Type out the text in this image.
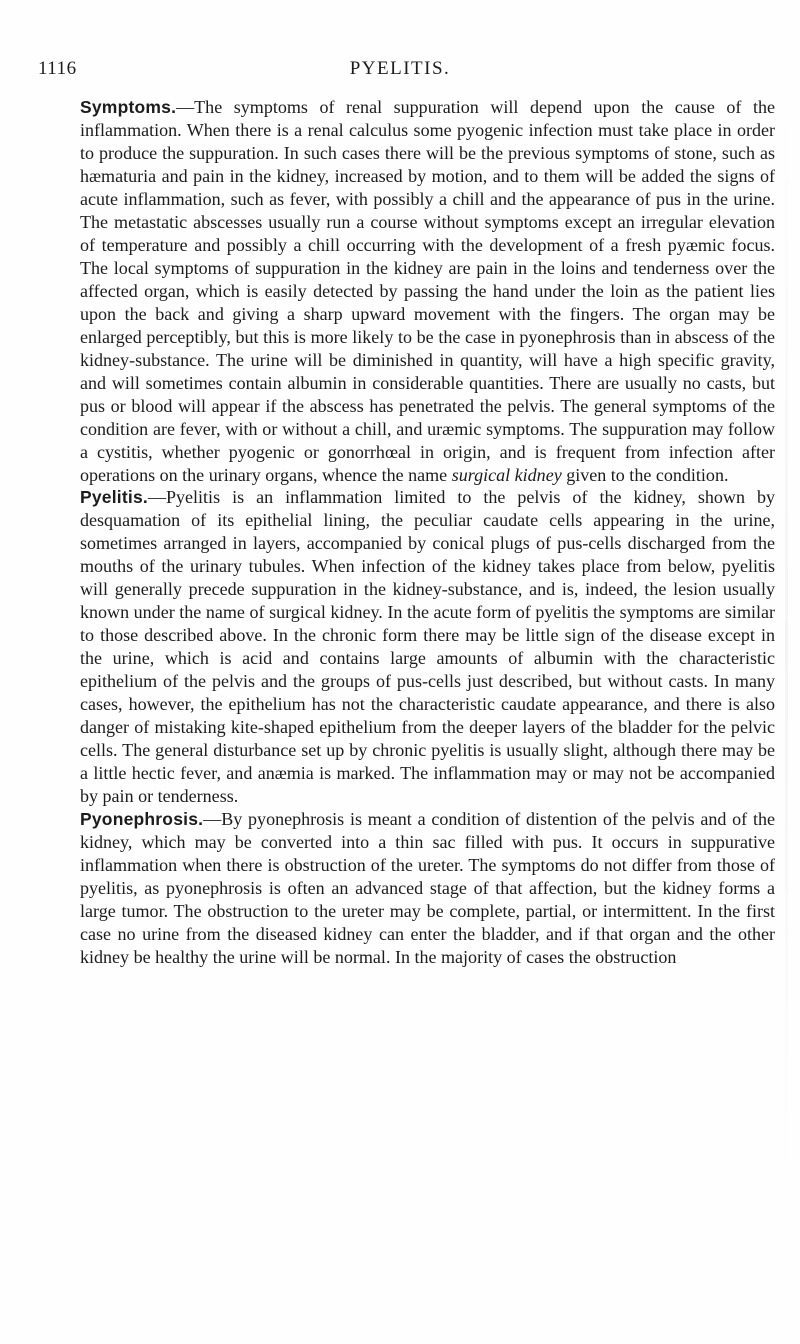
1116	PYELITIS.

Symptoms.—The symptoms of renal suppuration will depend upon the cause of the inflammation. When there is a renal calculus some pyogenic infection must take place in order to produce the suppuration. In such cases there will be the previous symptoms of stone, such as hæmaturia and pain in the kidney, increased by motion, and to them will be added the signs of acute inflammation, such as fever, with possibly a chill and the appearance of pus in the urine. The metastatic abscesses usually run a course without symptoms except an irregular elevation of temperature and possibly a chill occurring with the development of a fresh pyæmic focus. The local symptoms of suppuration in the kidney are pain in the loins and tenderness over the affected organ, which is easily detected by passing the hand under the loin as the patient lies upon the back and giving a sharp upward movement with the fingers. The organ may be enlarged perceptibly, but this is more likely to be the case in pyonephrosis than in abscess of the kidney-substance. The urine will be diminished in quantity, will have a high specific gravity, and will sometimes contain albumin in considerable quantities. There are usually no casts, but pus or blood will appear if the abscess has penetrated the pelvis. The general symptoms of the condition are fever, with or without a chill, and uræmic symptoms. The suppuration may follow a cystitis, whether pyogenic or gonorrhœal in origin, and is frequent from infection after operations on the urinary organs, whence the name surgical kidney given to the condition.

Pyelitis.—Pyelitis is an inflammation limited to the pelvis of the kidney, shown by desquamation of its epithelial lining, the peculiar caudate cells appearing in the urine, sometimes arranged in layers, accompanied by conical plugs of pus-cells discharged from the mouths of the urinary tubules. When infection of the kidney takes place from below, pyelitis will generally precede suppuration in the kidney-substance, and is, indeed, the lesion usually known under the name of surgical kidney. In the acute form of pyelitis the symptoms are similar to those described above. In the chronic form there may be little sign of the disease except in the urine, which is acid and contains large amounts of albumin with the characteristic epithelium of the pelvis and the groups of pus-cells just described, but without casts. In many cases, however, the epithelium has not the characteristic caudate appearance, and there is also danger of mistaking kite-shaped epithelium from the deeper layers of the bladder for the pelvic cells. The general disturbance set up by chronic pyelitis is usually slight, although there may be a little hectic fever, and anæmia is marked. The inflammation may or may not be accompanied by pain or tenderness.

Pyonephrosis.—By pyonephrosis is meant a condition of distention of the pelvis and of the kidney, which may be converted into a thin sac filled with pus. It occurs in suppurative inflammation when there is obstruction of the ureter. The symptoms do not differ from those of pyelitis, as pyonephrosis is often an advanced stage of that affection, but the kidney forms a large tumor. The obstruction to the ureter may be complete, partial, or intermittent. In the first case no urine from the diseased kidney can enter the bladder, and if that organ and the other kidney be healthy the urine will be normal. In the majority of cases the obstruction
